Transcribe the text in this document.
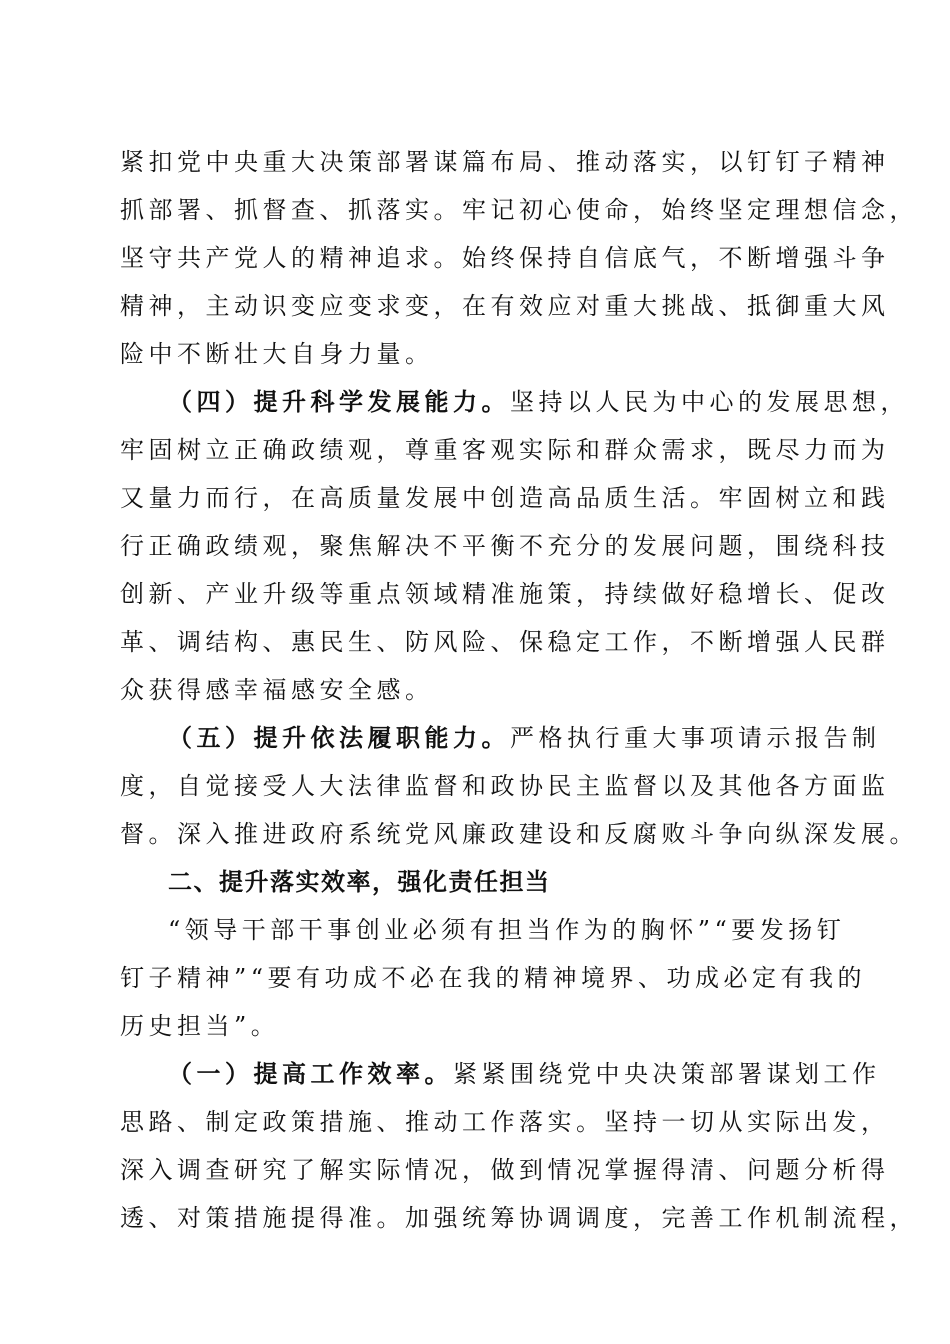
紧扣党中央重大决策部署谋篇布局、推动落实，以钉钉子精神
抓部署、抓督查、抓落实。牢记初心使命，始终坚定理想信念，
坚守共产党人的精神追求。始终保持自信底气，不断增强斗争
精神，主动识变应变求变，在有效应对重大挑战、抵御重大风
险中不断壮大自身力量。
（四）提升科学发展能力。坚持以人民为中心的发展思想，
牢固树立正确政绩观，尊重客观实际和群众需求，既尽力而为
又量力而行，在高质量发展中创造高品质生活。牢固树立和践
行正确政绩观，聚焦解决不平衡不充分的发展问题，围绕科技
创新、产业升级等重点领域精准施策，持续做好稳增长、促改
革、调结构、惠民生、防风险、保稳定工作，不断增强人民群
众获得感幸福感安全感。
（五）提升依法履职能力。严格执行重大事项请示报告制
度，自觉接受人大法律监督和政协民主监督以及其他各方面监
督。深入推进政府系统党风廉政建设和反腐败斗争向纵深发展。
二、提升落实效率，强化责任担当
“领导干部干事创业必须有担当作为的胸怀”“要发扬钉
钉子精神”“要有功成不必在我的精神境界、功成必定有我的
历史担当”。
（一）提高工作效率。紧紧围绕党中央决策部署谋划工作
思路、制定政策措施、推动工作落实。坚持一切从实际出发，
深入调查研究了解实际情况，做到情况掌握得清、问题分析得
透、对策措施提得准。加强统筹协调调度，完善工作机制流程，
